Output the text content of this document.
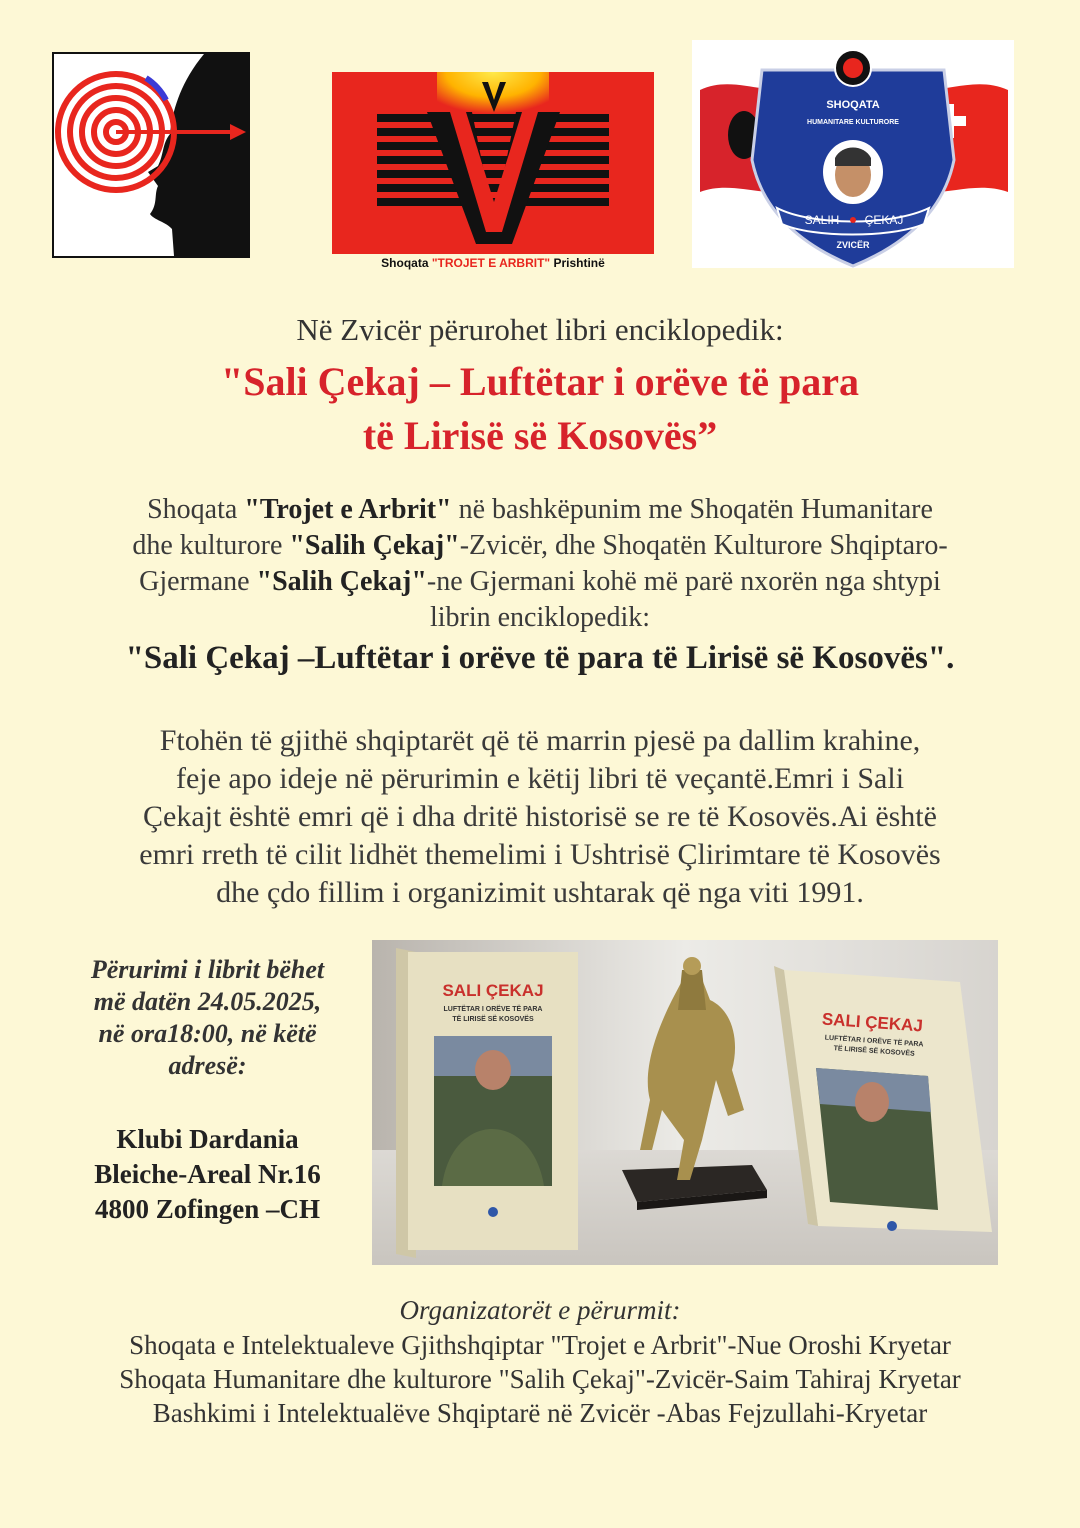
Shoqata "TROJET E ARBRIT" Prishtinë
SHOQATA
HUMANITARE KULTURORE
SALIH ÇEKAJ
ZVICËR
Në Zvicër përurohet libri enciklopedik:
"Sali Çekaj – Luftëtar i orëve të para
të Lirisë së Kosovës”
Shoqata "Trojet e Arbrit" në bashkëpunim me Shoqatën Humanitare
dhe kulturore "Salih Çekaj"-Zvicër, dhe Shoqatën Kulturore Shqiptaro-
Gjermane "Salih Çekaj"-ne Gjermani kohë më parë nxorën nga shtypi
librin enciklopedik:
"Sali Çekaj –Luftëtar i orëve të para të Lirisë së Kosovës".
Ftohën të gjithë shqiptarët që të marrin pjesë pa dallim krahine,
feje apo ideje në përurimin e këtij libri të veçantë.Emri i Sali
Çekajt është emri që i dha dritë historisë se re të Kosovës.Ai është
emri rreth të cilit lidhët themelimi i Ushtrisë Çlirimtare të Kosovës
dhe çdo fillim i organizimit ushtarak që nga viti 1991.
Përurimi i librit bëhet
më datën 24.05.2025,
në ora18:00, në këtë
adresë:
Klubi Dardania
Bleiche-Areal Nr.16
4800 Zofingen –CH
SALI ÇEKAJ
LUFTËTAR I ORËVE TË PARA
TË LIRISË SË KOSOVËS	SALI ÇEKAJ
LUFTËTAR I ORËVE TË PARA
TË LIRISË SË KOSOVËS
Organizatorët e përurmit:
Shoqata e Intelektualeve Gjithshqiptar "Trojet e Arbrit"-Nue Oroshi Kryetar
Shoqata Humanitare dhe kulturore "Salih Çekaj"-Zvicër-Saim Tahiraj Kryetar
Bashkimi i Intelektualëve Shqiptarë në Zvicër -Abas Fejzullahi-Kryetar
